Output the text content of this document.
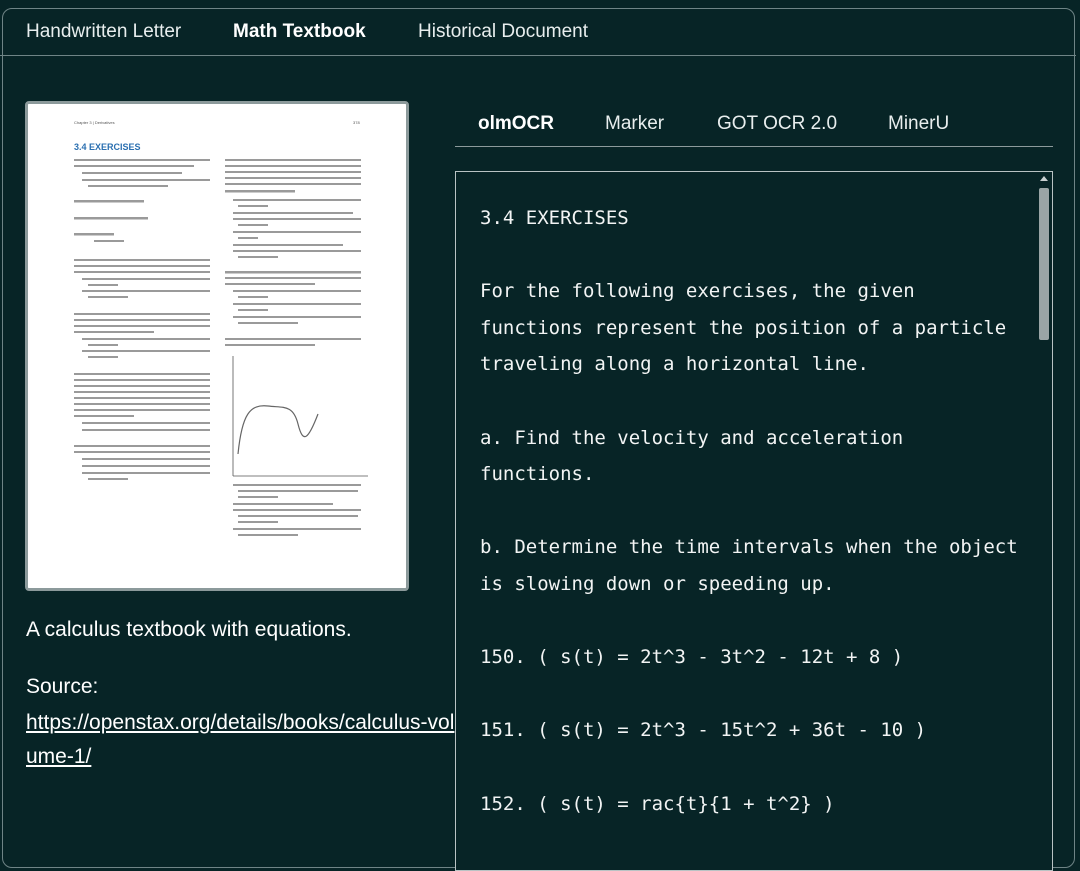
Handwritten Letter	Math Textbook	Historical Document
Chapter 3 | Derivatives	378
3.4 EXERCISES
A calculus textbook with equations.
Source:
https://openstax.org/details/books/calculus-volume-1/
olmOCR	Marker	GOT OCR 2.0	MinerU
3.4 EXERCISES

For the following exercises, the given functions represent the position of a particle traveling along a horizontal line.

a. Find the velocity and acceleration functions.

b. Determine the time intervals when the object is slowing down or speeding up.

150. ( s(t) = 2t^3 - 3t^2 - 12t + 8 )

151. ( s(t) = 2t^3 - 15t^2 + 36t - 10 )

152. ( s(t) = rac{t}{1 + t^2} )
